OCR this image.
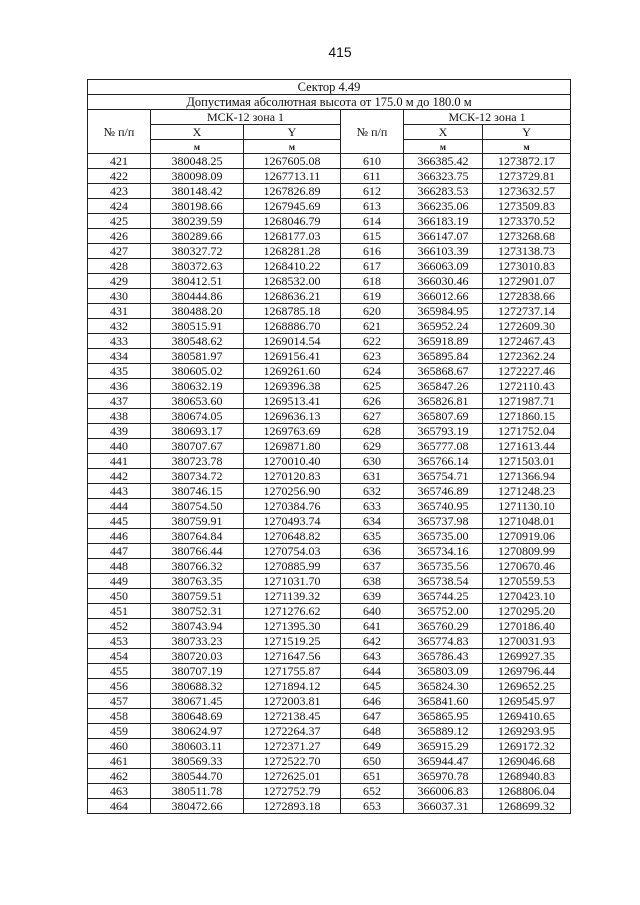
415
Сектор 4.49					
Допустимая абсолютная высота от 175.0 м до 180.0 м					
№ п/п	МСК-12 зона 1		№ п/п	МСК-12 зона 1	
	X	Y		X	Y
	м	м		м	м
421	380048.25	1267605.08	610	366385.42	1273872.17
422	380098.09	1267713.11	611	366323.75	1273729.81
423	380148.42	1267826.89	612	366283.53	1273632.57
424	380198.66	1267945.69	613	366235.06	1273509.83
425	380239.59	1268046.79	614	366183.19	1273370.52
426	380289.66	1268177.03	615	366147.07	1273268.68
427	380327.72	1268281.28	616	366103.39	1273138.73
428	380372.63	1268410.22	617	366063.09	1273010.83
429	380412.51	1268532.00	618	366030.46	1272901.07
430	380444.86	1268636.21	619	366012.66	1272838.66
431	380488.20	1268785.18	620	365984.95	1272737.14
432	380515.91	1268886.70	621	365952.24	1272609.30
433	380548.62	1269014.54	622	365918.89	1272467.43
434	380581.97	1269156.41	623	365895.84	1272362.24
435	380605.02	1269261.60	624	365868.67	1272227.46
436	380632.19	1269396.38	625	365847.26	1272110.43
437	380653.60	1269513.41	626	365826.81	1271987.71
438	380674.05	1269636.13	627	365807.69	1271860.15
439	380693.17	1269763.69	628	365793.19	1271752.04
440	380707.67	1269871.80	629	365777.08	1271613.44
441	380723.78	1270010.40	630	365766.14	1271503.01
442	380734.72	1270120.83	631	365754.71	1271366.94
443	380746.15	1270256.90	632	365746.89	1271248.23
444	380754.50	1270384.76	633	365740.95	1271130.10
445	380759.91	1270493.74	634	365737.98	1271048.01
446	380764.84	1270648.82	635	365735.00	1270919.06
447	380766.44	1270754.03	636	365734.16	1270809.99
448	380766.32	1270885.99	637	365735.56	1270670.46
449	380763.35	1271031.70	638	365738.54	1270559.53
450	380759.51	1271139.32	639	365744.25	1270423.10
451	380752.31	1271276.62	640	365752.00	1270295.20
452	380743.94	1271395.30	641	365760.29	1270186.40
453	380733.23	1271519.25	642	365774.83	1270031.93
454	380720.03	1271647.56	643	365786.43	1269927.35
455	380707.19	1271755.87	644	365803.09	1269796.44
456	380688.32	1271894.12	645	365824.30	1269652.25
457	380671.45	1272003.81	646	365841.60	1269545.97
458	380648.69	1272138.45	647	365865.95	1269410.65
459	380624.97	1272264.37	648	365889.12	1269293.95
460	380603.11	1272371.27	649	365915.29	1269172.32
461	380569.33	1272522.70	650	365944.47	1269046.68
462	380544.70	1272625.01	651	365970.78	1268940.83
463	380511.78	1272752.79	652	366006.83	1268806.04
464	380472.66	1272893.18	653	366037.31	1268699.32
